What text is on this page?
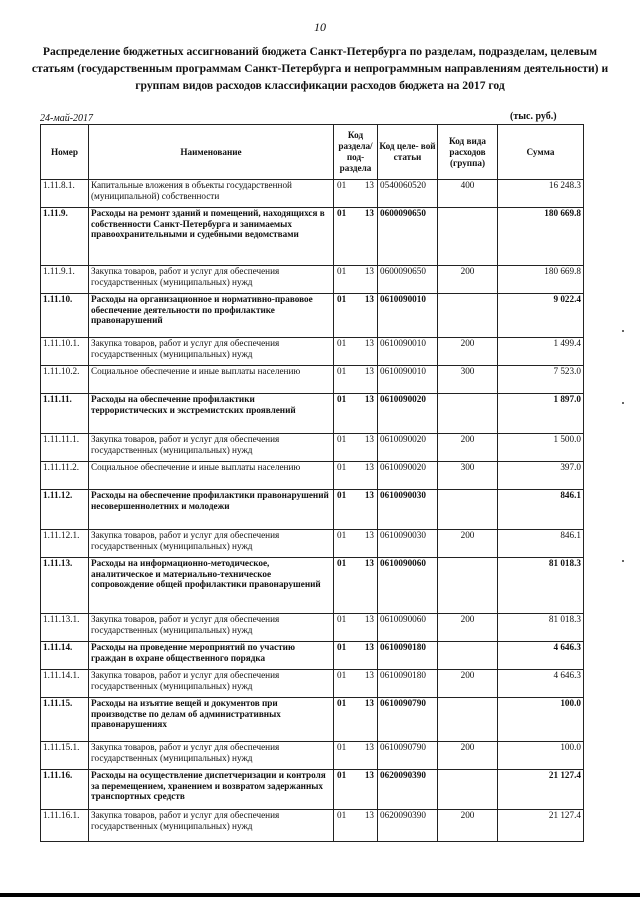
10
Распределение бюджетных ассигнований бюджета Санкт-Петербурга по разделам, подразделам, целевым статьям (государственным программам Санкт-Петербурга и непрограммным направлениям деятельности) и группам видов расходов классификации расходов бюджета на 2017 год
24-май-2017	(тыс. руб.)
Номер	Наименование	Код раздела/ под- раздела	Код целе- вой статьи	Код вида расходов (группа)	Сумма
1.11.8.1.	Капитальные вложения в объекты государственной (муниципальной) собственности	01 13	0540060520	400	16 248.3
1.11.9.	Расходы на ремонт зданий и помещений, находящихся в собственности Санкт-Петербурга и занимаемых правоохранительными и судебными ведомствами	01 13	0600090650		180 669.8
1.11.9.1.	Закупка товаров, работ и услуг для обеспечения государственных (муниципальных) нужд	01 13	0600090650	200	180 669.8
1.11.10.	Расходы на организационное и нормативно-правовое обеспечение деятельности по профилактике правонарушений	01 13	0610090010		9 022.4
1.11.10.1.	Закупка товаров, работ и услуг для обеспечения государственных (муниципальных) нужд	01 13	0610090010	200	1 499.4
1.11.10.2.	Социальное обеспечение и иные выплаты населению	01 13	0610090010	300	7 523.0
1.11.11.	Расходы на обеспечение профилактики террористических и экстремистских проявлений	01 13	0610090020		1 897.0
1.11.11.1.	Закупка товаров, работ и услуг для обеспечения государственных (муниципальных) нужд	01 13	0610090020	200	1 500.0
1.11.11.2.	Социальное обеспечение и иные выплаты населению	01 13	0610090020	300	397.0
1.11.12.	Расходы на обеспечение профилактики правонарушений несовершеннолетних и молодежи	01 13	0610090030		846.1
1.11.12.1.	Закупка товаров, работ и услуг для обеспечения государственных (муниципальных) нужд	01 13	0610090030	200	846.1
1.11.13.	Расходы на информационно-методическое, аналитическое и материально-техническое сопровождение общей профилактики правонарушений	01 13	0610090060		81 018.3
1.11.13.1.	Закупка товаров, работ и услуг для обеспечения государственных (муниципальных) нужд	01 13	0610090060	200	81 018.3
1.11.14.	Расходы на проведение мероприятий по участию граждан в охране общественного порядка	01 13	0610090180		4 646.3
1.11.14.1.	Закупка товаров, работ и услуг для обеспечения государственных (муниципальных) нужд	01 13	0610090180	200	4 646.3
1.11.15.	Расходы на изъятие вещей и документов при производстве по делам об административных правонарушениях	01 13	0610090790		100.0
1.11.15.1.	Закупка товаров, работ и услуг для обеспечения государственных (муниципальных) нужд	01 13	0610090790	200	100.0
1.11.16.	Расходы на осуществление диспетчеризации и контроля за перемещением, хранением и возвратом задержанных транспортных средств	01 13	0620090390		21 127.4
1.11.16.1.	Закупка товаров, работ и услуг для обеспечения государственных (муниципальных) нужд	01 13	0620090390	200	21 127.4
